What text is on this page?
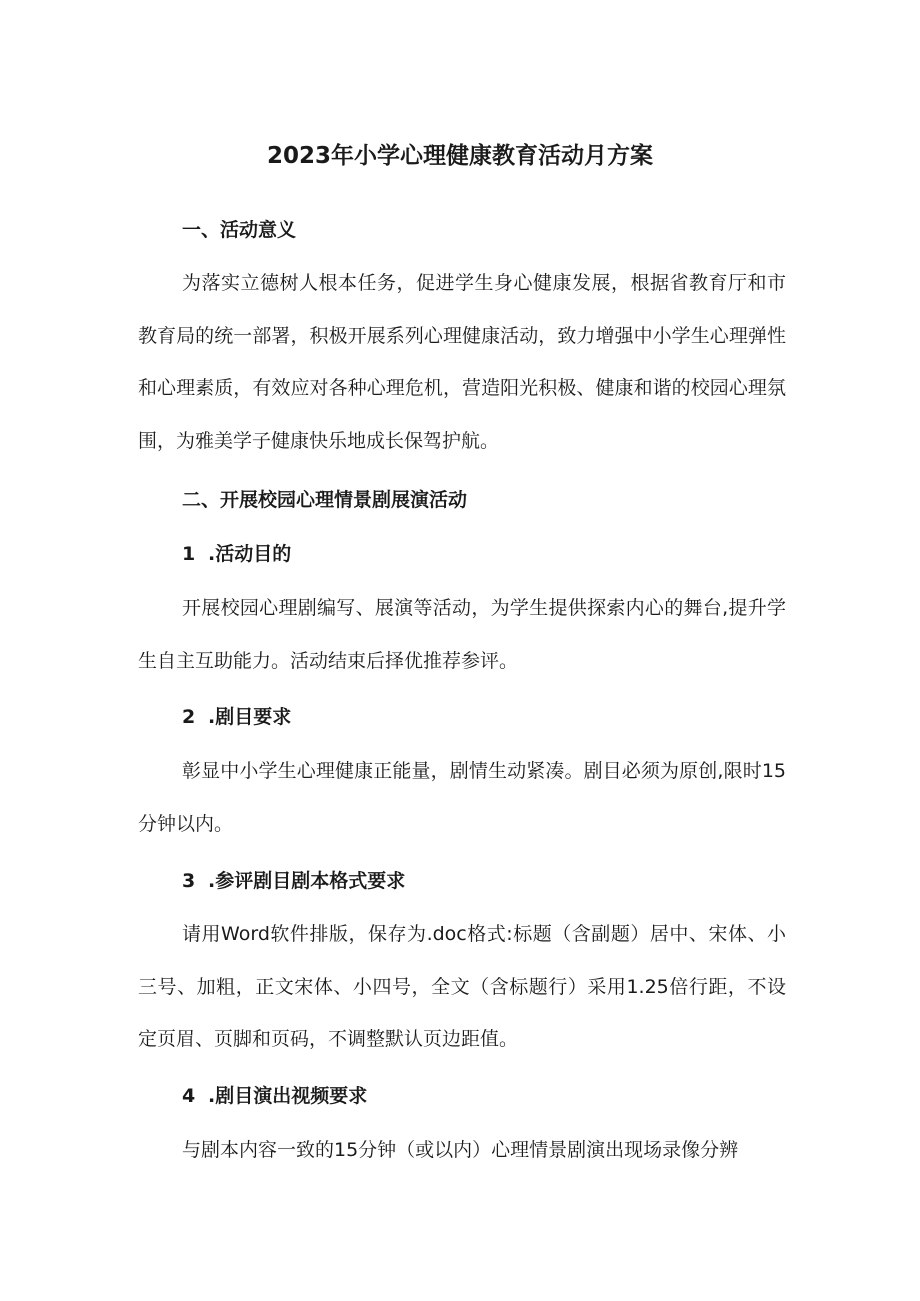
2023年小学心理健康教育活动月方案
一、活动意义

为落实立德树人根本任务，促进学生身心健康发展，根据省教育厅和市教育局的统一部署，积极开展系列心理健康活动，致力增强中小学生心理弹性和心理素质，有效应对各种心理危机，营造阳光积极、健康和谐的校园心理氛围，为雅美学子健康快乐地成长保驾护航。

二、开展校园心理情景剧展演活动
1 .活动目的

开展校园心理剧编写、展演等活动，为学生提供探索内心的舞台,提升学生自主互助能力。活动结束后择优推荐参评。

2 .剧目要求

彰显中小学生心理健康正能量，剧情生动紧凑。剧目必须为原创,限时15分钟以内。

3 .参评剧目剧本格式要求

请用Word软件排版，保存为.doc格式:标题（含副题）居中、宋体、小三号、加粗，正文宋体、小四号，全文（含标题行）采用1.25倍行距，不设定页眉、页脚和页码，不调整默认页边距值。

4 .剧目演出视频要求

与剧本内容一致的15分钟（或以内）心理情景剧演出现场录像分辨
